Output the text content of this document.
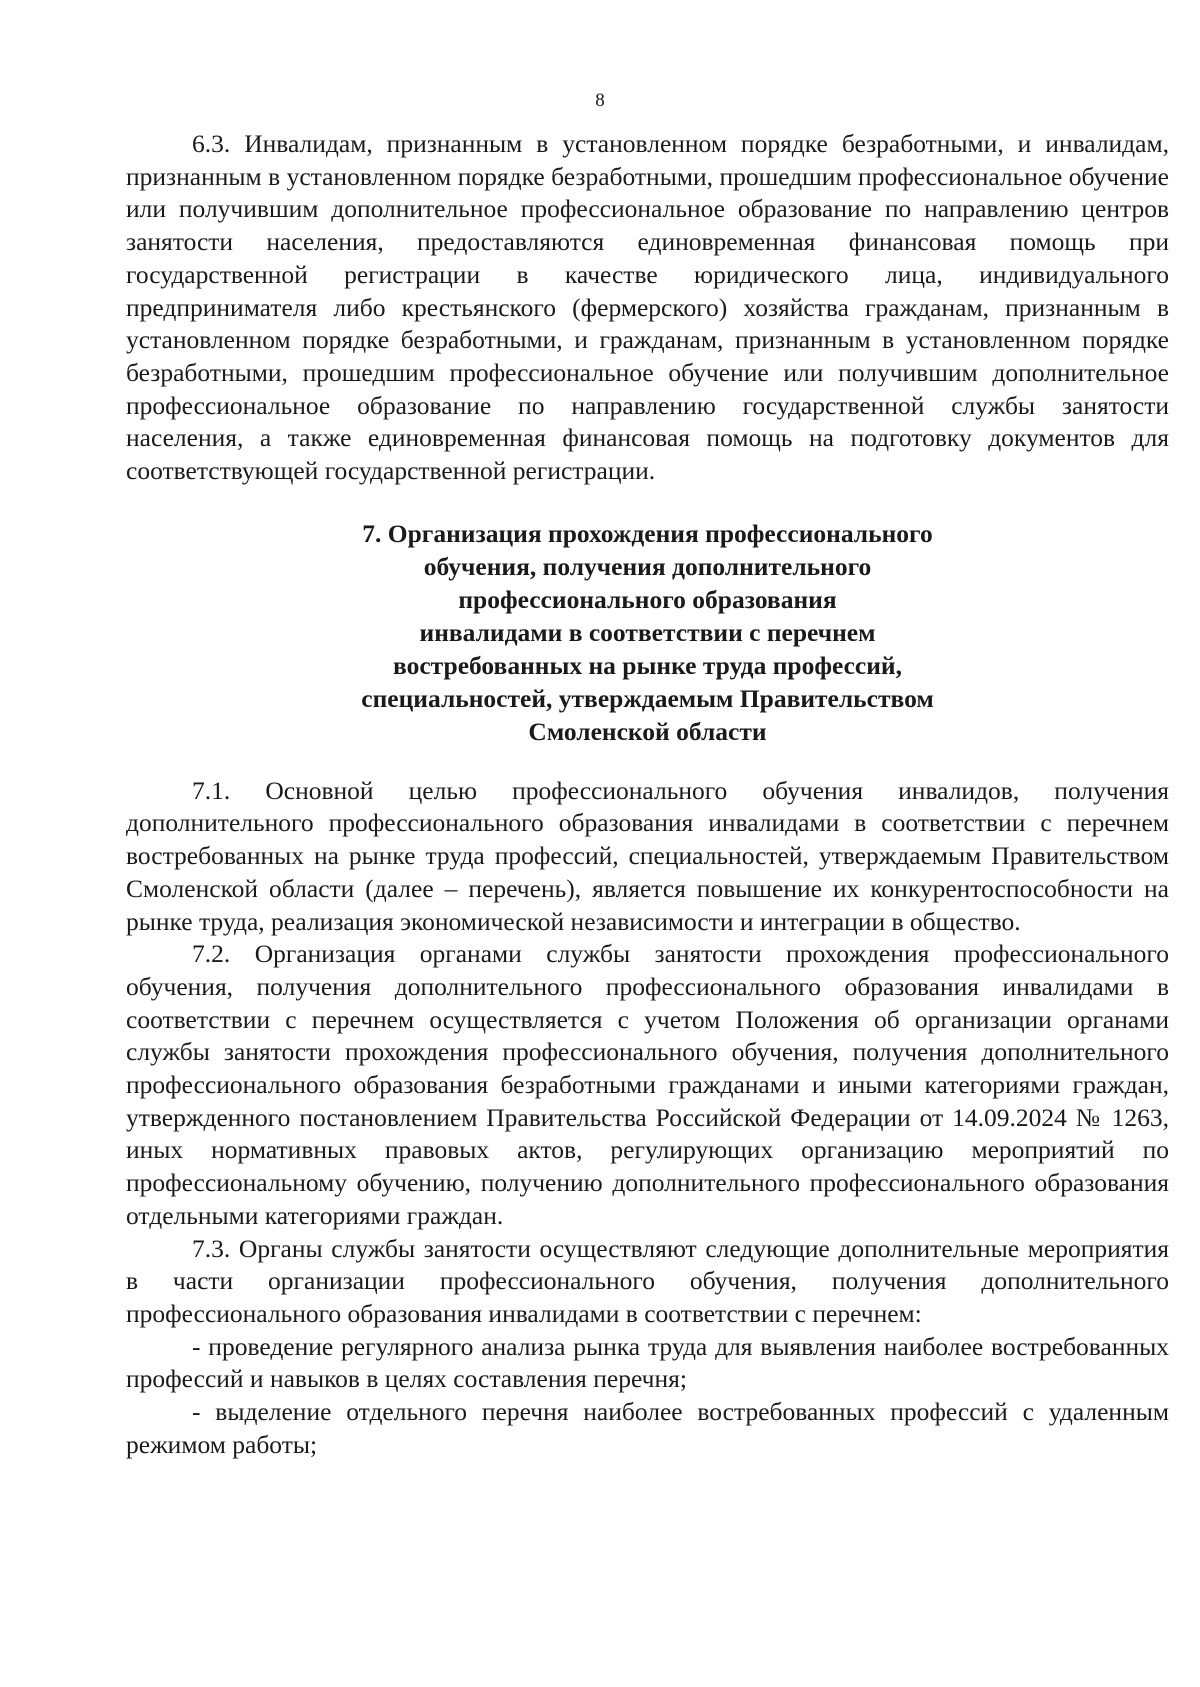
8

6.3. Инвалидам, признанным в установленном порядке безработными, и инвалидам, признанным в установленном порядке безработными, прошедшим профессиональное обучение или получившим дополнительное профессиональное образование по направлению центров занятости населения, предоставляются единовременная финансовая помощь при государственной регистрации в качестве юридического лица, индивидуального предпринимателя либо крестьянского (фермерского) хозяйства гражданам, признанным в установленном порядке безработными, и гражданам, признанным в установленном порядке безработными, прошедшим профессиональное обучение или получившим дополнительное профессиональное образование по направлению государственной службы занятости населения, а также единовременная финансовая помощь на подготовку документов для соответствующей государственной регистрации.

7. Организация прохождения профессионального
обучения, получения дополнительного
профессионального образования
инвалидами в соответствии с перечнем
востребованных на рынке труда профессий,
специальностей, утверждаемым Правительством
Смоленской области

7.1. Основной целью профессионального обучения инвалидов, получения дополнительного профессионального образования инвалидами в соответствии с перечнем востребованных на рынке труда профессий, специальностей, утверждаемым Правительством Смоленской области (далее – перечень), является повышение их конкурентоспособности на рынке труда, реализация экономической независимости и интеграции в общество.

7.2. Организация органами службы занятости прохождения профессионального обучения, получения дополнительного профессионального образования инвалидами в соответствии с перечнем осуществляется с учетом Положения об организации органами службы занятости прохождения профессионального обучения, получения дополнительного профессионального образования безработными гражданами и иными категориями граждан, утвержденного постановлением Правительства Российской Федерации от 14.09.2024 № 1263, иных нормативных правовых актов, регулирующих организацию мероприятий по профессиональному обучению, получению дополнительного профессионального образования отдельными категориями граждан.

7.3. Органы службы занятости осуществляют следующие дополнительные мероприятия в части организации профессионального обучения, получения дополнительного профессионального образования инвалидами в соответствии с перечнем:

- проведение регулярного анализа рынка труда для выявления наиболее востребованных профессий и навыков в целях составления перечня;

- выделение отдельного перечня наиболее востребованных профессий с удаленным режимом работы;
